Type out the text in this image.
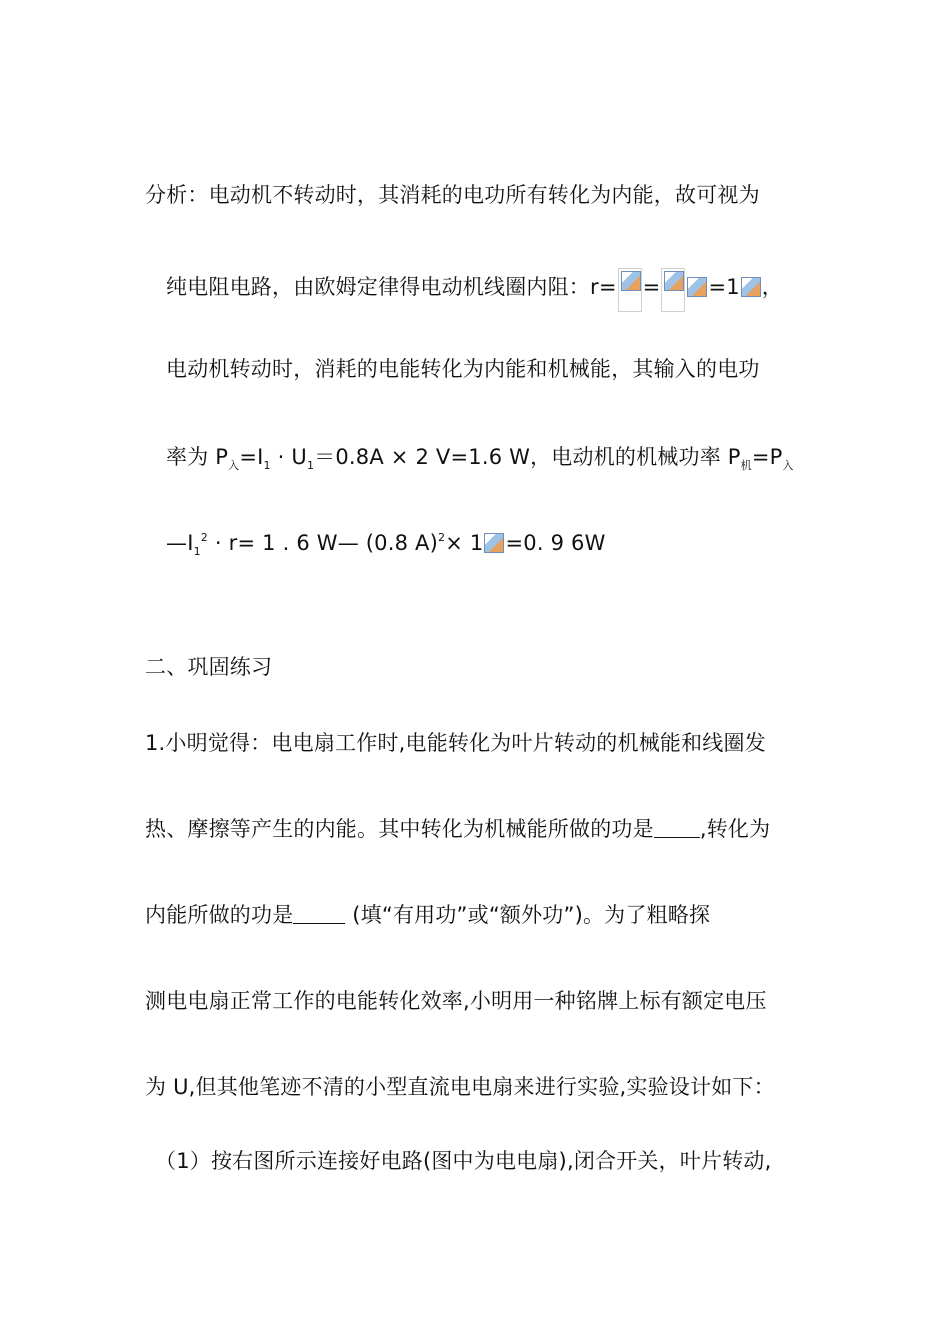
分析：电动机不转动时，其消耗的电功所有转化为内能，故可视为
纯电阻电路，由欧姆定律得电动机线圈内阻：r= = =1 ，
电动机转动时，消耗的电能转化为内能和机械能，其输入的电功
率为 $P_入=I_1 \cdot U_1=0.8A \times 2$ V=1.6 W，电动机的机械功率 $P_机=P_入$
$—I_1^2 \cdot r= 1$ . 6 W— (0.8 A)$^2$× 1 =0. 9 6W
二、巩固练习
1.小明觉得：电电扇工作时,电能转化为叶片转动的机械能和线圈发
热、摩擦等产生的内能。其中转化为机械能所做的功是 ,转化为
内能所做的功是 (填“有用功”或“额外功”)。为了粗略探
测电电扇正常工作的电能转化效率,小明用一种铭牌上标有额定电压
为 U,但其他笔迹不清的小型直流电电扇来进行实验,实验设计如下：
（1）按右图所示连接好电路(图中为电电扇),闭合开关，叶片转动,
